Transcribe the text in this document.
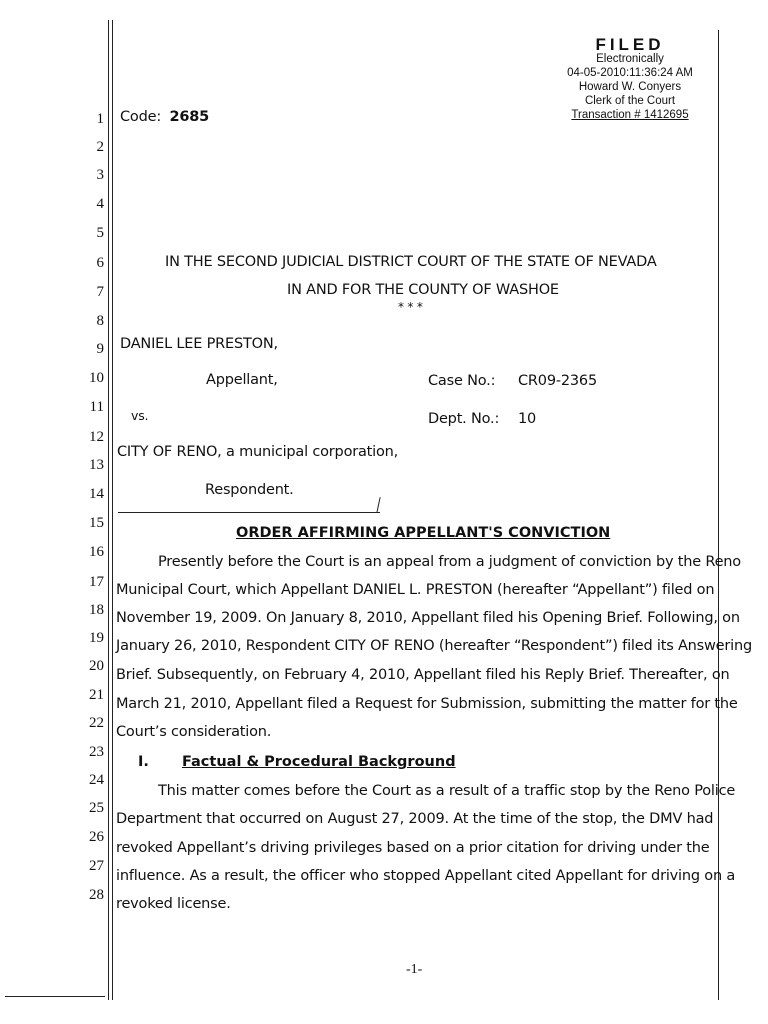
FILED
Electronically
04-05-2010:11:36:24 AM
Howard W. Conyers
Clerk of the Court
Transaction # 1412695
Code: 2685
1
2
3
4
5
6
7
8
9
10
11
12
13
14
15
16
17
18
19
20
21
22
23
24
25
26
27
28
IN THE SECOND JUDICIAL DISTRICT COURT OF THE STATE OF NEVADA
IN AND FOR THE COUNTY OF WASHOE
* * *
DANIEL LEE PRESTON,
Appellant,	Case No.: CR09-2365
vs.	Dept. No.: 10
CITY OF RENO, a municipal corporation,
Respondent.
ORDER AFFIRMING APPELLANT'S CONVICTION
Presently before the Court is an appeal from a judgment of conviction by the Reno
Municipal Court, which Appellant DANIEL L. PRESTON (hereafter “Appellant”) filed on
November 19, 2009. On January 8, 2010, Appellant filed his Opening Brief. Following, on
January 26, 2010, Respondent CITY OF RENO (hereafter “Respondent”) filed its Answering
Brief. Subsequently, on February 4, 2010, Appellant filed his Reply Brief. Thereafter, on
March 21, 2010, Appellant filed a Request for Submission, submitting the matter for the
Court’s consideration.
I. Factual & Procedural Background
This matter comes before the Court as a result of a traffic stop by the Reno Police
Department that occurred on August 27, 2009. At the time of the stop, the DMV had
revoked Appellant’s driving privileges based on a prior citation for driving under the
influence. As a result, the officer who stopped Appellant cited Appellant for driving on a
revoked license.
-1-
